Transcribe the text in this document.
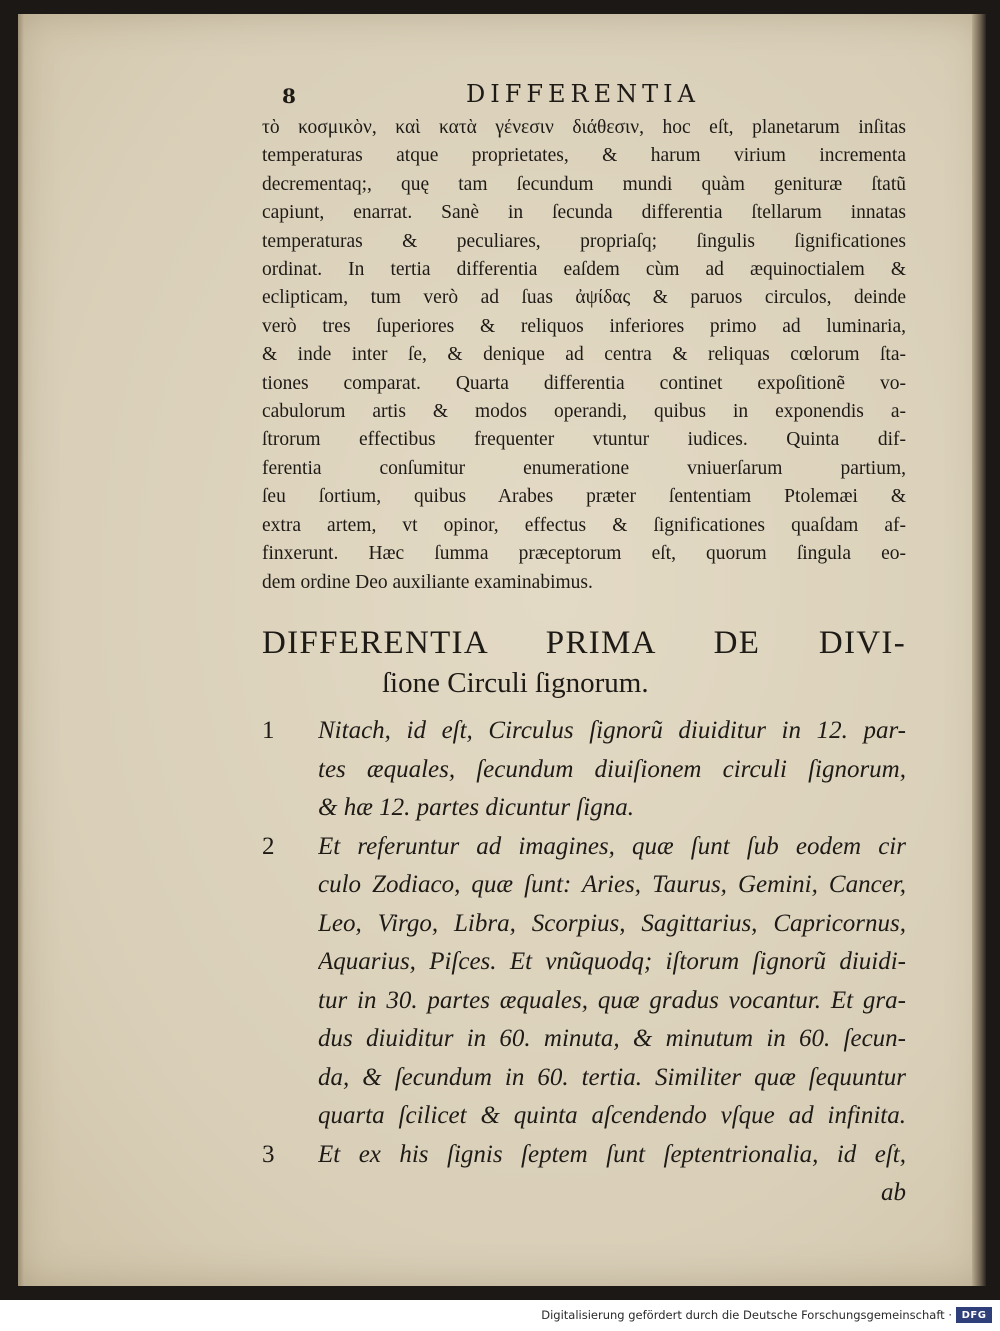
8	DIFFERENTIA
τὸ κοσμικὸν, καὶ κατὰ γένεσιν διάθεσιν, hoc eſt, planetarum inſitas
temperaturas atque proprietates, & harum virium incrementa
decrementaq;, quę tam ſecundum mundi quàm genituræ ſtatũ
capiunt, enarrat. Sanè in ſecunda differentia ſtellarum innatas
temperaturas & peculiares, propriaſq; ſingulis ſignificationes
ordinat. In tertia differentia eaſdem cùm ad æquinoctialem &
eclipticam, tum verò ad ſuas ἀψίδας & paruos circulos, deinde
verò tres ſuperiores & reliquos inferiores primo ad luminaria,
& inde inter ſe, & denique ad centra & reliquas cœlorum ſta-
tiones comparat. Quarta differentia continet expoſitionẽ vo-
cabulorum artis & modos operandi, quibus in exponendis a-
ſtrorum effectibus frequenter vtuntur iudices. Quinta dif-
ferentia conſumitur enumeratione vniuerſarum partium,
ſeu ſortium, quibus Arabes præter ſententiam Ptolemæi &
extra artem, vt opinor, effectus & ſignificationes quaſdam af-
finxerunt. Hæc ſumma præceptorum eſt, quorum ſingula eo-
dem ordine Deo auxiliante examinabimus.
DIFFERENTIA PRIMA DE DIVI-
ſione Circuli ſignorum.
1	Nitach, id eſt, Circulus ſignorũ diuiditur in 12. par-
tes æquales, ſecundum diuiſionem circuli ſignorum,
& hæ 12. partes dicuntur ſigna.
2	Et referuntur ad imagines, quæ ſunt ſub eodem cir
culo Zodiaco, quæ ſunt: Aries, Taurus, Gemini, Cancer,
Leo, Virgo, Libra, Scorpius, Sagittarius, Capricornus,
Aquarius, Piſces. Et vnũquodq; iſtorum ſignorũ diuidi-
tur in 30. partes æquales, quæ gradus vocantur. Et gra-
dus diuiditur in 60. minuta, & minutum in 60. ſecun-
da, & ſecundum in 60. tertia. Similiter quæ ſequuntur
quarta ſcilicet & quinta aſcendendo vſque ad infinita.
3	Et ex his ſignis ſeptem ſunt ſeptentrionalia, id eſt,
ab
Digitalisierung gefördert durch die Deutsche Forschungsgemeinschaft · DFG
